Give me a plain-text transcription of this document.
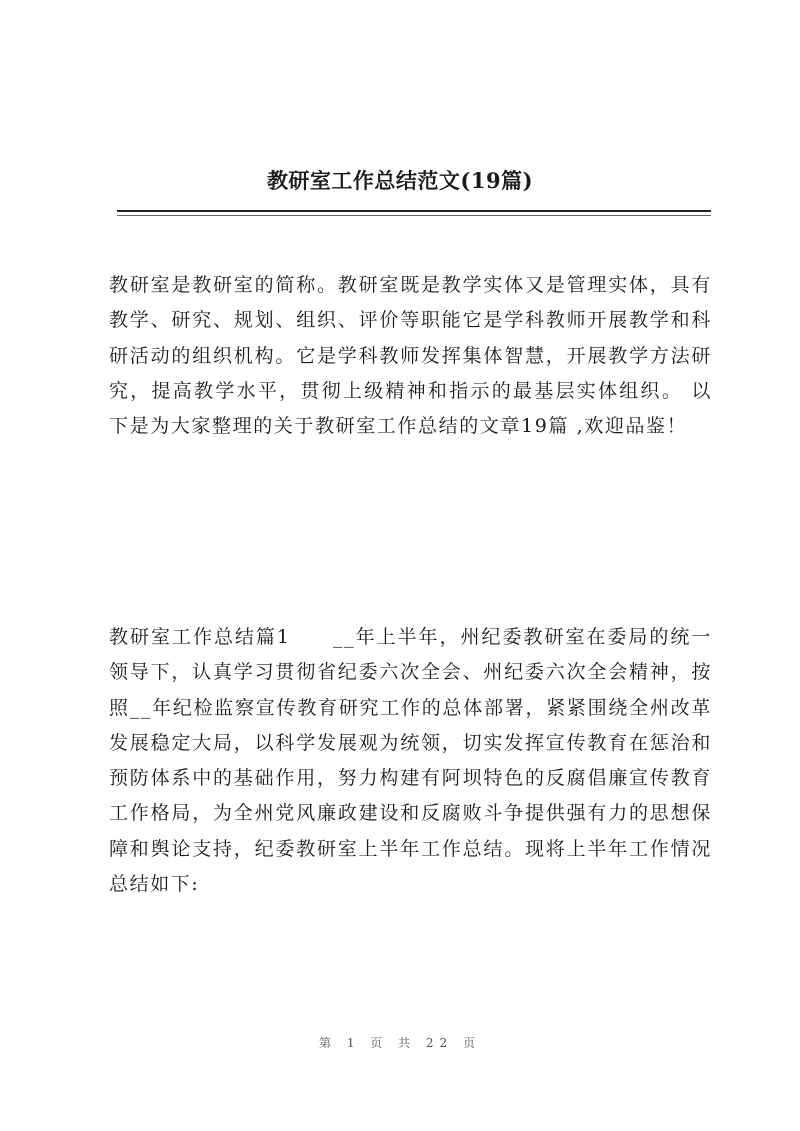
教研室工作总结范文(19篇)

教研室是教研室的简称。教研室既是教学实体又是管理实体，具有教学、研究、规划、组织、评价等职能它是学科教师开展教学和科研活动的组织机构。它是学科教师发挥集体智慧，开展教学方法研究，提高教学水平，贯彻上级精神和指示的最基层实体组织。 以下是为大家整理的关于教研室工作总结的文章19篇 ,欢迎品鉴！

教研室工作总结篇1　　__年上半年，州纪委教研室在委局的统一领导下，认真学习贯彻省纪委六次全会、州纪委六次全会精神，按照__年纪检监察宣传教育研究工作的总体部署，紧紧围绕全州改革发展稳定大局，以科学发展观为统领，切实发挥宣传教育在惩治和预防体系中的基础作用，努力构建有阿坝特色的反腐倡廉宣传教育工作格局，为全州党风廉政建设和反腐败斗争提供强有力的思想保障和舆论支持，纪委教研室上半年工作总结。现将上半年工作情况总结如下:

第 1 页 共 22 页
